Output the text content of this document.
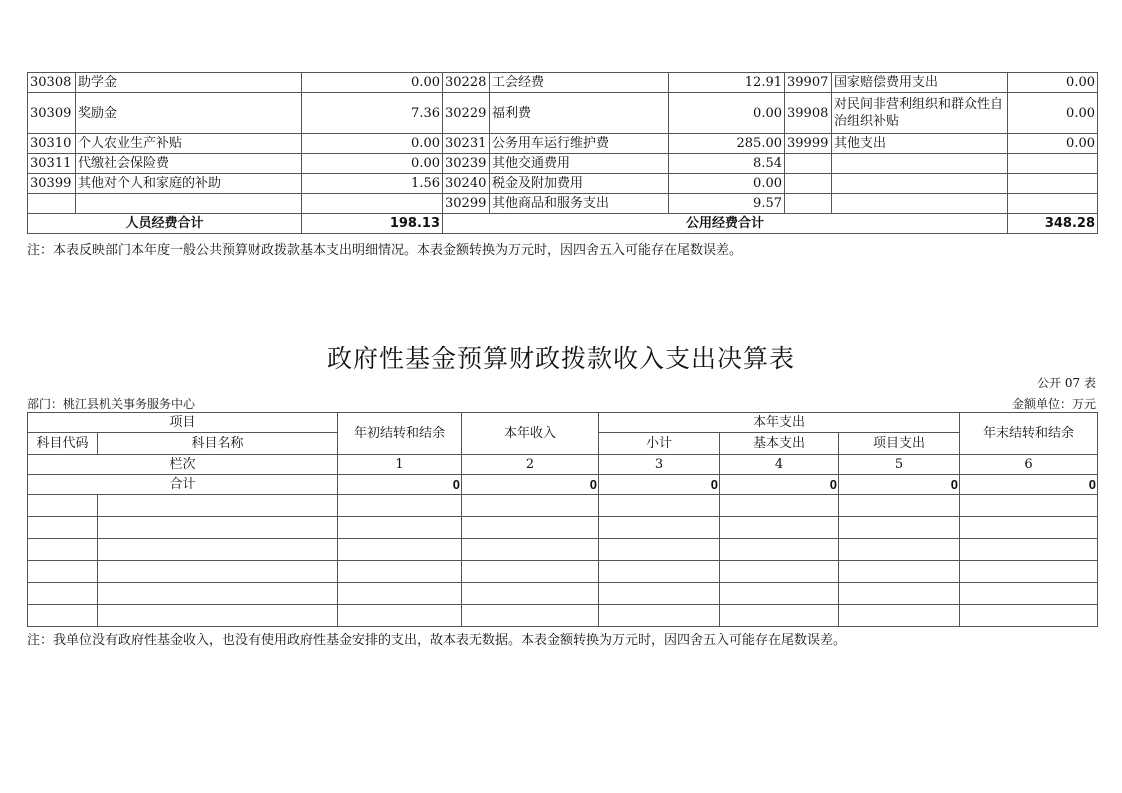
30308	助学金	0.00	30228	工会经费	12.91	39907	国家赔偿费用支出	0.00
30309	奖励金	7.36	30229	福利费	0.00	39908	对民间非营利组织和群众性自治组织补贴	0.00
30310	个人农业生产补贴	0.00	30231	公务用车运行维护费	285.00	39999	其他支出	0.00
30311	代缴社会保险费	0.00	30239	其他交通费用	8.54			
30399	其他对个人和家庭的补助	1.56	30240	税金及附加费用	0.00			
			30299	其他商品和服务支出	9.57			
人员经费合计		198.13	公用经费合计					348.28
注：本表反映部门本年度一般公共预算财政拨款基本支出明细情况。本表金额转换为万元时，因四舍五入可能存在尾数误差。
政府性基金预算财政拨款收入支出决算表
公开 07 表
部门：桃江县机关事务服务中心	金额单位：万元
项目		年初结转和结余	本年收入	本年支出			年末结转和结余
科目代码	科目名称			小计	基本支出	项目支出	
栏次		1	2	3	4	5	6
合计		0	0	0	0	0	0

注：我单位没有政府性基金收入，也没有使用政府性基金安排的支出，故本表无数据。本表金额转换为万元时，因四舍五入可能存在尾数误差。
